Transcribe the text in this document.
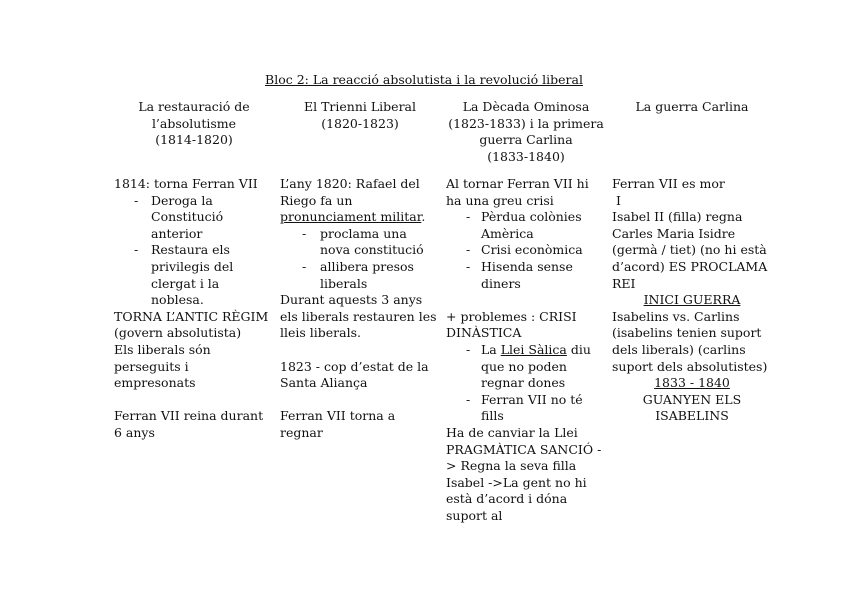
Bloc 2: La reacció absolutista i la revolució liberal
La restauració de
l’absolutisme
(1814-1820)
El Trienni Liberal
(1820-1823)
La Dècada Ominosa
(1823-1833) i la primera
guerra Carlina
(1833-1840)
La guerra Carlina
1814: torna Ferran VII
- Deroga la Constitució anterior
- Restaura els privilegis del clergat i la noblesa.
TORNA L’ANTIC RÈGIM
(govern absolutista)
Els liberals són perseguits i empresonats
Ferran VII reina durant 6 anys
L’any 1820: Rafael del Riego fa un pronunciament militar.
- proclama una nova constitució
- allibera presos liberals
Durant aquests 3 anys els liberals restauren les lleis liberals.
1823 - cop d’estat de la Santa Aliança
Ferran VII torna a regnar
Al tornar Ferran VII hi ha una greu crisi
- Pèrdua colònies Amèrica
- Crisi econòmica
- Hisenda sense diners
+ problemes : CRISI DINÀSTICA
- La Llei Sàlica diu que no poden regnar dones
- Ferran VII no té fills
Ha de canviar la Llei PRAGMÀTICA SANCIÓ -> Regna la seva filla Isabel ->La gent no hi està d’acord i dóna suport al
Ferran VII es mor
I
Isabel II (filla) regna
Carles Maria Isidre (germà / tiet) (no hi està d’acord) ES PROCLAMA REI
INICI GUERRA
Isabelins vs. Carlins (isabelins tenien suport dels liberals) (carlins suport dels absolutistes)
1833 - 1840
GUANYEN ELS ISABELINS
